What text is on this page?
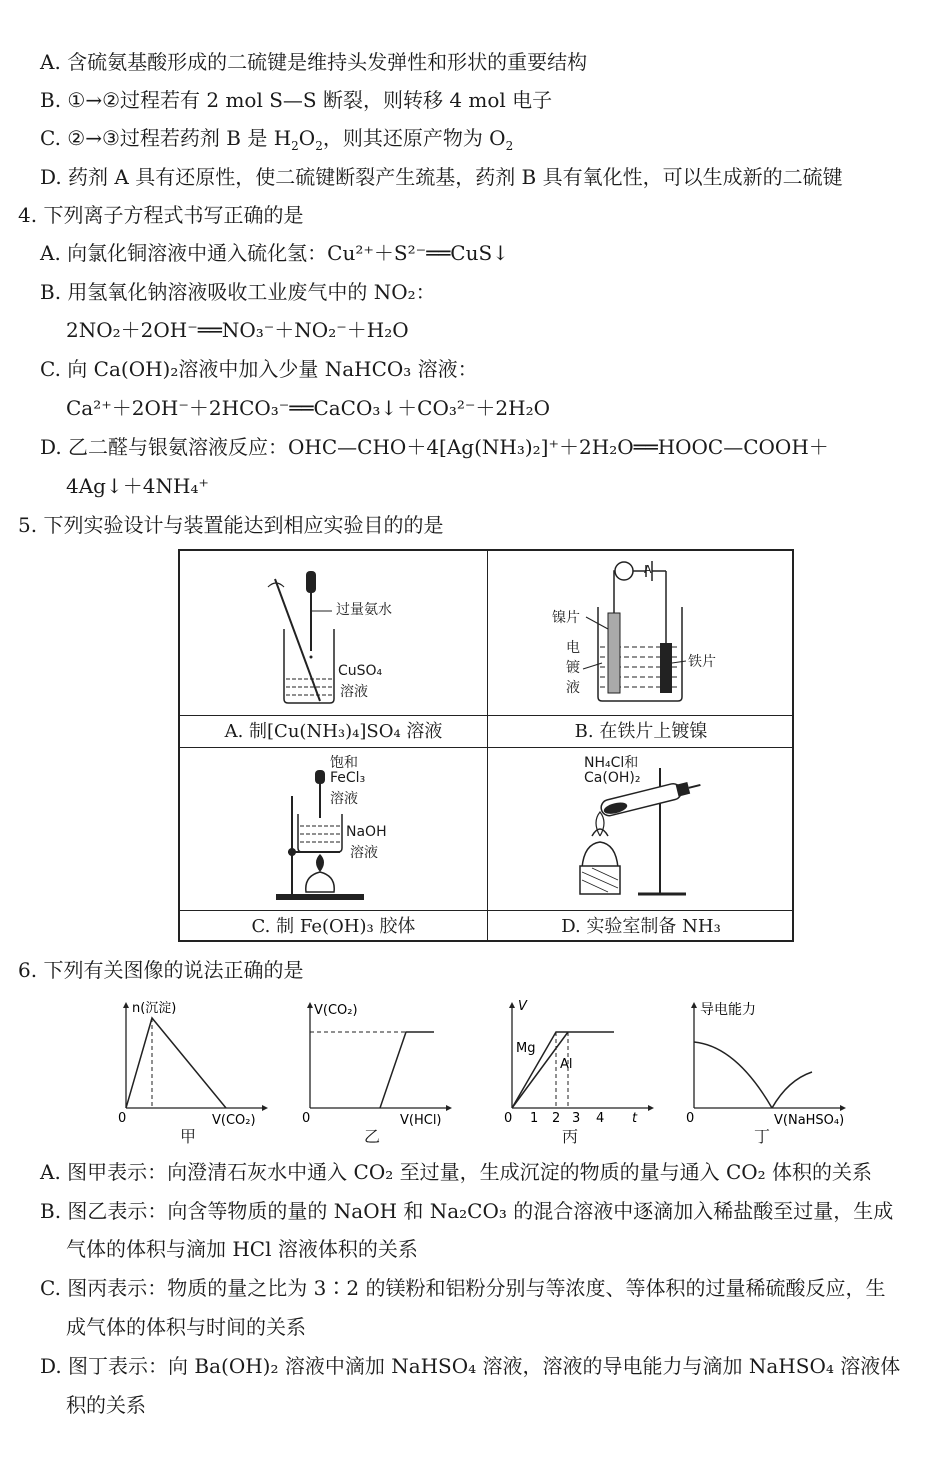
A. 含硫氨基酸形成的二硫键是维持头发弹性和形状的重要结构
B. ①→②过程若有 2 mol S—S 断裂，则转移 4 mol 电子
C. ②→③过程若药剂 B 是 $H_2O_2$，则其还原产物为 $O_2$
D. 药剂 A 具有还原性，使二硫键断裂产生巯基，药剂 B 具有氧化性，可以生成新的二硫键
4. 下列离子方程式书写正确的是
A. 向氯化铜溶液中通入硫化氢：Cu²⁺＋S²⁻══CuS↓
B. 用氢氧化钠溶液吸收工业废气中的 NO₂：
2NO₂＋2OH⁻══NO₃⁻＋NO₂⁻＋H₂O
C. 向 Ca(OH)₂溶液中加入少量 NaHCO₃ 溶液：
Ca²⁺＋2OH⁻＋2HCO₃⁻══CaCO₃↓＋CO₃²⁻＋2H₂O
D. 乙二醛与银氨溶液反应：OHC—CHO＋4[Ag(NH₃)₂]⁺＋2H₂O══HOOC—COOH＋
4Ag↓＋4NH₄⁺
5. 下列实验设计与装置能达到相应实验目的的是
过量氨水
CuSO₄
溶液
A. 制[Cu(NH₃)₄]SO₄ 溶液
A
镍片
电
镀
液
铁片
B. 在铁片上镀镍
饱和
FeCl₃
溶液
NaOH
溶液
C. 制 Fe(OH)₃ 胶体
NH₄Cl和
Ca(OH)₂
D. 实验室制备 NH₃
6. 下列有关图像的说法正确的是
0
n(沉淀)
V(CO₂)
甲
0
V(CO₂)
V(HCl)
乙
0 1 2 3 4 t
V
Mg
Al
丙
0
导电能力
V(NaHSO₄)
丁
A. 图甲表示：向澄清石灰水中通入 CO₂ 至过量，生成沉淀的物质的量与通入 CO₂ 体积的关系
B. 图乙表示：向含等物质的量的 NaOH 和 Na₂CO₃ 的混合溶液中逐滴加入稀盐酸至过量，生成
气体的体积与滴加 HCl 溶液体积的关系
C. 图丙表示：物质的量之比为 3∶2 的镁粉和铝粉分别与等浓度、等体积的过量稀硫酸反应，生
成气体的体积与时间的关系
D. 图丁表示：向 Ba(OH)₂ 溶液中滴加 NaHSO₄ 溶液，溶液的导电能力与滴加 NaHSO₄ 溶液体
积的关系
